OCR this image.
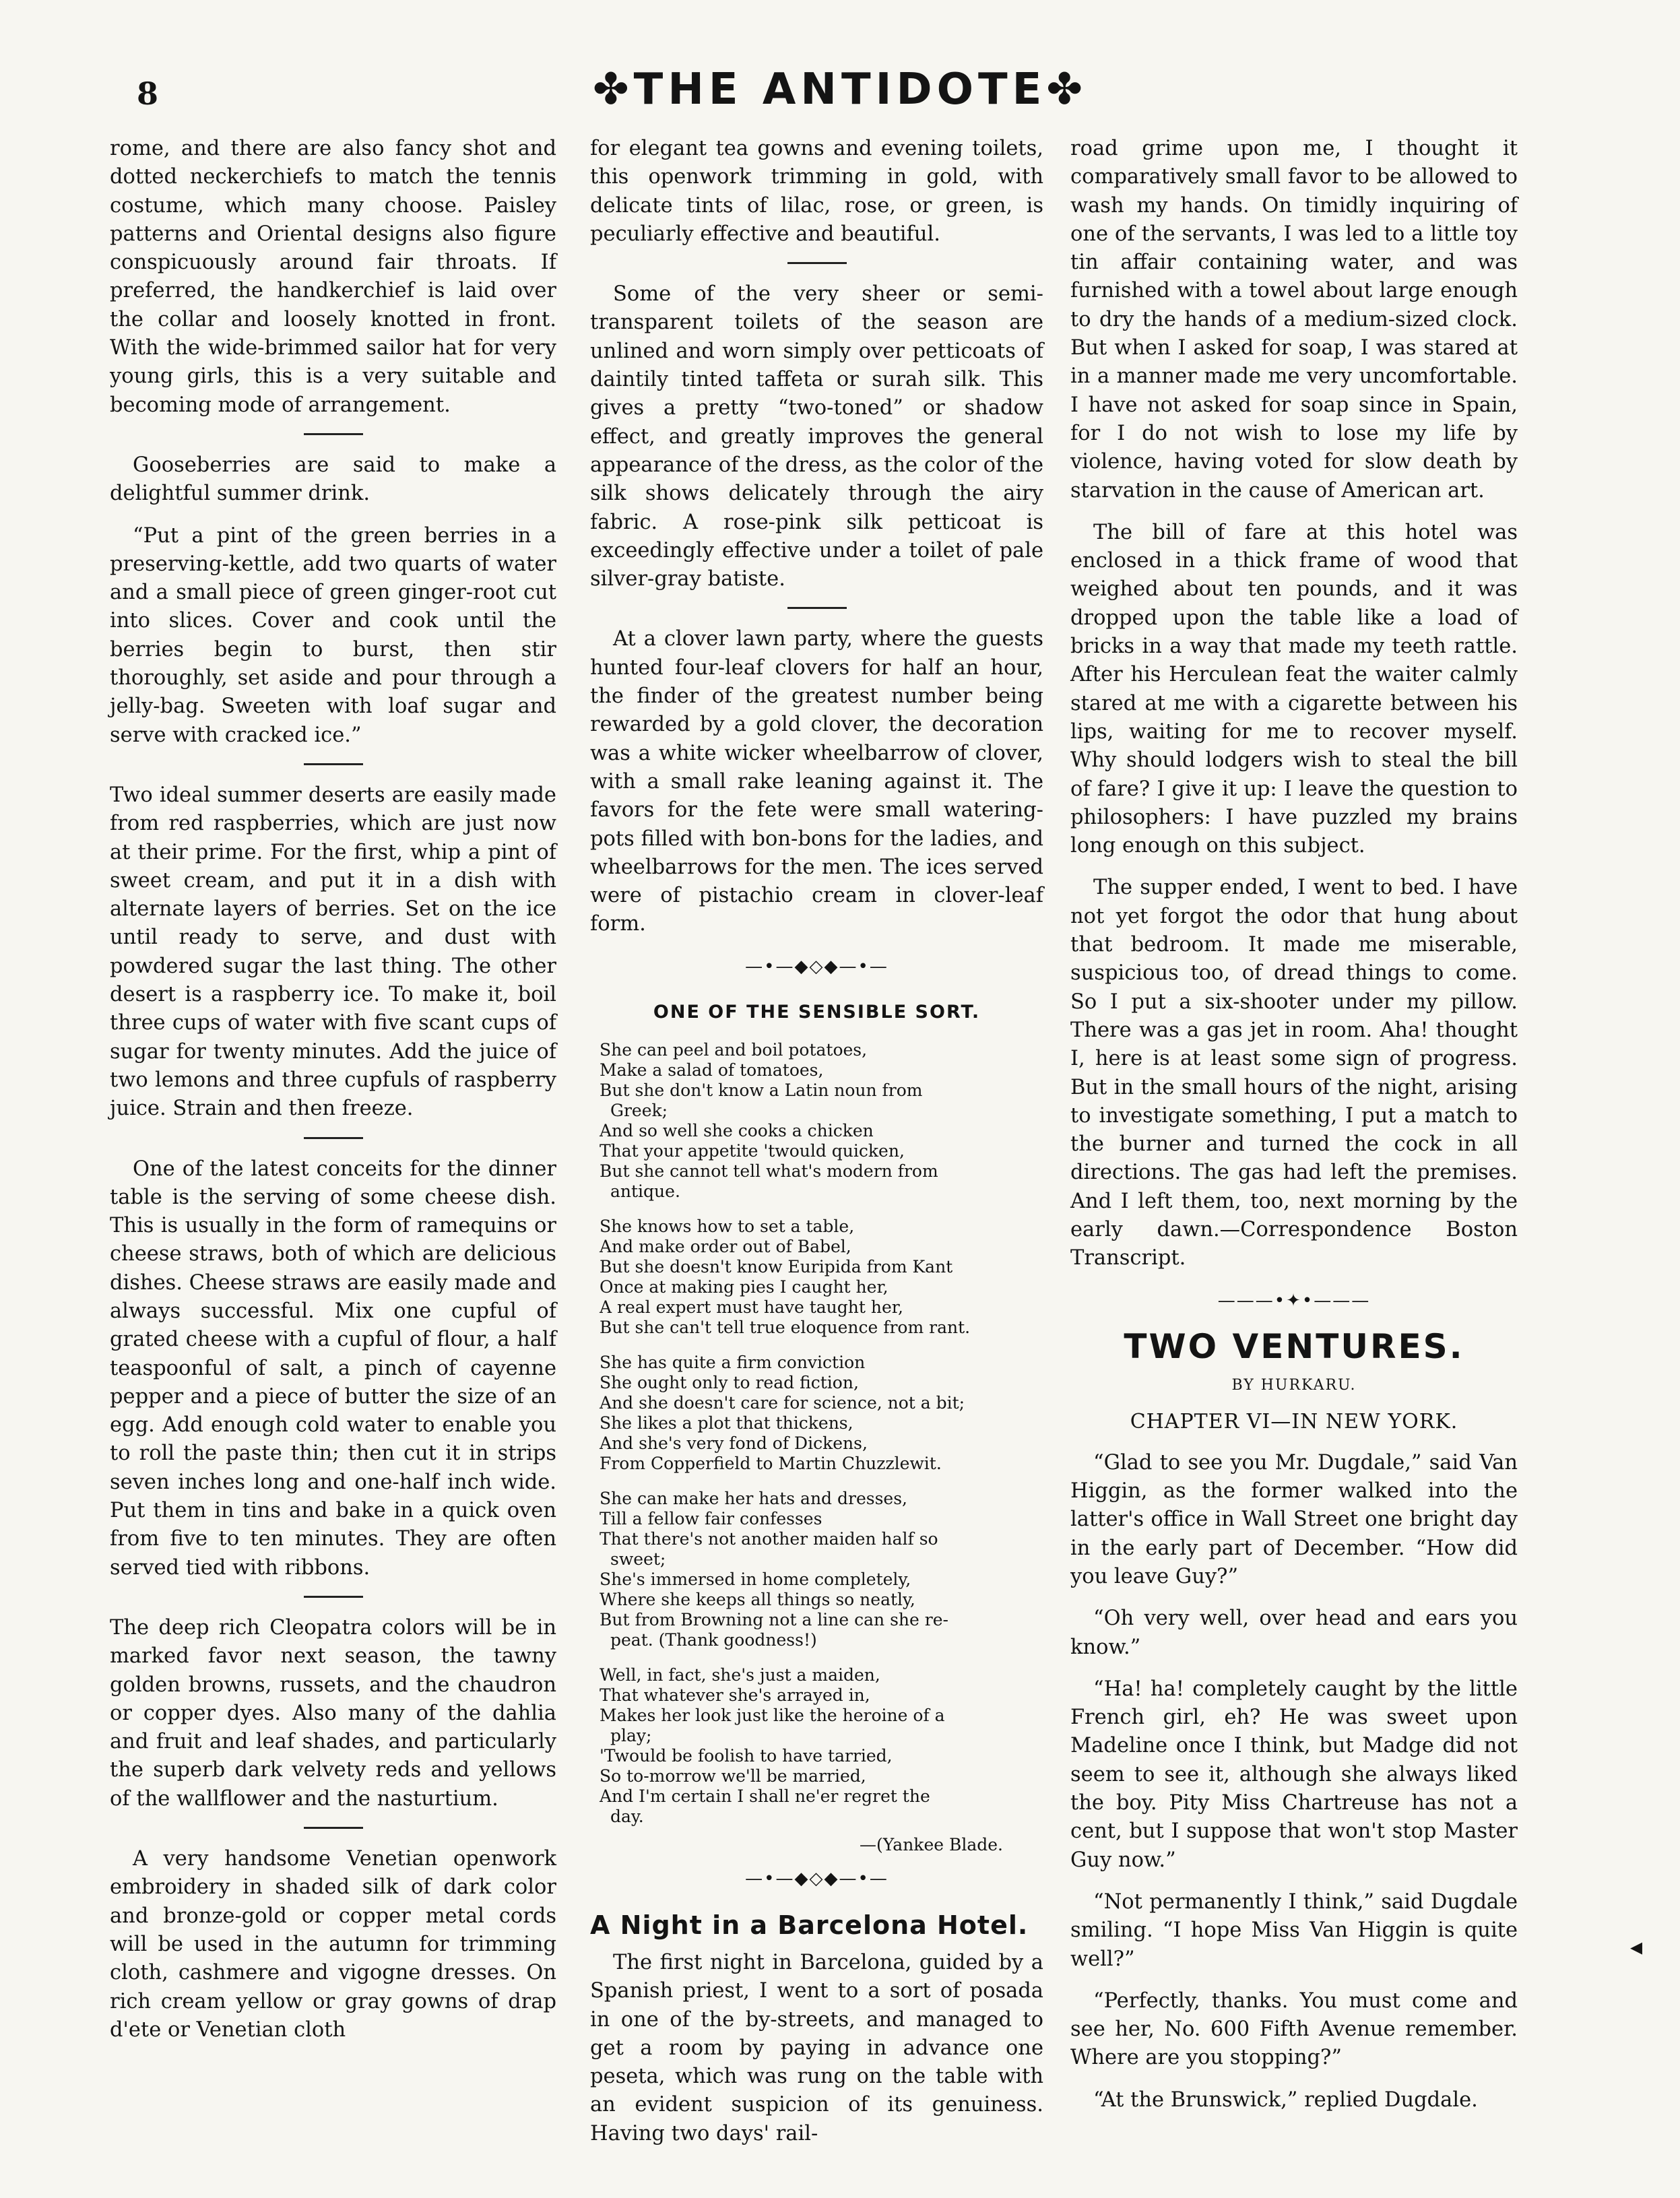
8	✤THE ANTIDOTE✤

rome, and there are also fancy shot and dotted neckerchiefs to match the tennis costume, which many choose. Paisley patterns and Oriental designs also figure conspicuously around fair throats. If preferred, the handkerchief is laid over the collar and loosely knotted in front. With the wide-brimmed sailor hat for very young girls, this is a very suitable and becoming mode of arrangement.

Gooseberries are said to make a delightful summer drink.

“Put a pint of the green berries in a preserving-kettle, add two quarts of water and a small piece of green ginger-root cut into slices. Cover and cook until the berries begin to burst, then stir thoroughly, set aside and pour through a jelly-bag. Sweeten with loaf sugar and serve with cracked ice.”

Two ideal summer deserts are easily made from red raspberries, which are just now at their prime. For the first, whip a pint of sweet cream, and put it in a dish with alternate layers of berries. Set on the ice until ready to serve, and dust with powdered sugar the last thing. The other desert is a raspberry ice. To make it, boil three cups of water with five scant cups of sugar for twenty minutes. Add the juice of two lemons and three cupfuls of raspberry juice. Strain and then freeze.

One of the latest conceits for the dinner table is the serving of some cheese dish. This is usually in the form of ramequins or cheese straws, both of which are delicious dishes. Cheese straws are easily made and always successful. Mix one cupful of grated cheese with a cupful of flour, a half teaspoonful of salt, a pinch of cayenne pepper and a piece of butter the size of an egg. Add enough cold water to enable you to roll the paste thin; then cut it in strips seven inches long and one-half inch wide. Put them in tins and bake in a quick oven from five to ten minutes. They are often served tied with ribbons.

The deep rich Cleopatra colors will be in marked favor next season, the tawny golden browns, russets, and the chaudron or copper dyes. Also many of the dahlia and fruit and leaf shades, and particularly the superb dark velvety reds and yellows of the wallflower and the nasturtium.

A very handsome Venetian openwork embroidery in shaded silk of dark color and bronze-gold or copper metal cords will be used in the autumn for trimming cloth, cashmere and vigogne dresses. On rich cream yellow or gray gowns of drap d'ete or Venetian cloth

for elegant tea gowns and evening toilets, this openwork trimming in gold, with delicate tints of lilac, rose, or green, is peculiarly effective and beautiful.

Some of the very sheer or semi-transparent toilets of the season are unlined and worn simply over petticoats of daintily tinted taffeta or surah silk. This gives a pretty “two-toned” or shadow effect, and greatly improves the general appearance of the dress, as the color of the silk shows delicately through the airy fabric. A rose-pink silk petticoat is exceedingly effective under a toilet of pale silver-gray batiste.

At a clover lawn party, where the guests hunted four-leaf clovers for half an hour, the finder of the greatest number being rewarded by a gold clover, the decoration was a white wicker wheelbarrow of clover, with a small rake leaning against it. The favors for the fete were small watering-pots filled with bon-bons for the ladies, and wheelbarrows for the men. The ices served were of pistachio cream in clover-leaf form.

—•—◆◇◆—•—
ONE OF THE SENSIBLE SORT.
She can peel and boil potatoes,
Make a salad of tomatoes,
But she don't know a Latin noun from
Greek;
And so well she cooks a chicken
That your appetite 'twould quicken,
But she cannot tell what's modern from
antique.
She knows how to set a table,
And make order out of Babel,
But she doesn't know Euripida from Kant
Once at making pies I caught her,
A real expert must have taught her,
But she can't tell true eloquence from rant.
She has quite a firm conviction
She ought only to read fiction,
And she doesn't care for science, not a bit;
She likes a plot that thickens,
And she's very fond of Dickens,
From Copperfield to Martin Chuzzlewit.
She can make her hats and dresses,
Till a fellow fair confesses
That there's not another maiden half so
sweet;
She's immersed in home completely,
Where she keeps all things so neatly,
But from Browning not a line can she re-
peat. (Thank goodness!)
Well, in fact, she's just a maiden,
That whatever she's arrayed in,
Makes her look just like the heroine of a
play;
'Twould be foolish to have tarried,
So to-morrow we'll be married,
And I'm certain I shall ne'er regret the
day.
—(Yankee Blade.
—•—◆◇◆—•—
A Night in a Barcelona Hotel.

The first night in Barcelona, guided by a Spanish priest, I went to a sort of posada in one of the by-streets, and managed to get a room by paying in advance one peseta, which was rung on the table with an evident suspicion of its genuiness. Having two days' rail-

road grime upon me, I thought it comparatively small favor to be allowed to wash my hands. On timidly inquiring of one of the servants, I was led to a little toy tin affair containing water, and was furnished with a towel about large enough to dry the hands of a medium-sized clock. But when I asked for soap, I was stared at in a manner made me very uncomfortable. I have not asked for soap since in Spain, for I do not wish to lose my life by violence, having voted for slow death by starvation in the cause of American art.

The bill of fare at this hotel was enclosed in a thick frame of wood that weighed about ten pounds, and it was dropped upon the table like a load of bricks in a way that made my teeth rattle. After his Herculean feat the waiter calmly stared at me with a cigarette between his lips, waiting for me to recover myself. Why should lodgers wish to steal the bill of fare? I give it up: I leave the question to philosophers: I have puzzled my brains long enough on this subject.

The supper ended, I went to bed. I have not yet forgot the odor that hung about that bedroom. It made me miserable, suspicious too, of dread things to come. So I put a six-shooter under my pillow. There was a gas jet in room. Aha! thought I, here is at least some sign of progress. But in the small hours of the night, arising to investigate something, I put a match to the burner and turned the cock in all directions. The gas had left the premises. And I left them, too, next morning by the early dawn.—Correspondence Boston Transcript.

———•✦•———
TWO VENTURES.
BY HURKARU.
CHAPTER VI—IN NEW YORK.

“Glad to see you Mr. Dugdale,” said Van Higgin, as the former walked into the latter's office in Wall Street one bright day in the early part of December. “How did you leave Guy?”

“Oh very well, over head and ears you know.”

“Ha! ha! completely caught by the little French girl, eh? He was sweet upon Madeline once I think, but Madge did not seem to see it, although she always liked the boy. Pity Miss Chartreuse has not a cent, but I suppose that won't stop Master Guy now.”

“Not permanently I think,” said Dugdale smiling. “I hope Miss Van Higgin is quite well?”

“Perfectly, thanks. You must come and see her, No. 600 Fifth Avenue remember. Where are you stopping?”

“At the Brunswick,” replied Dugdale.

◂
